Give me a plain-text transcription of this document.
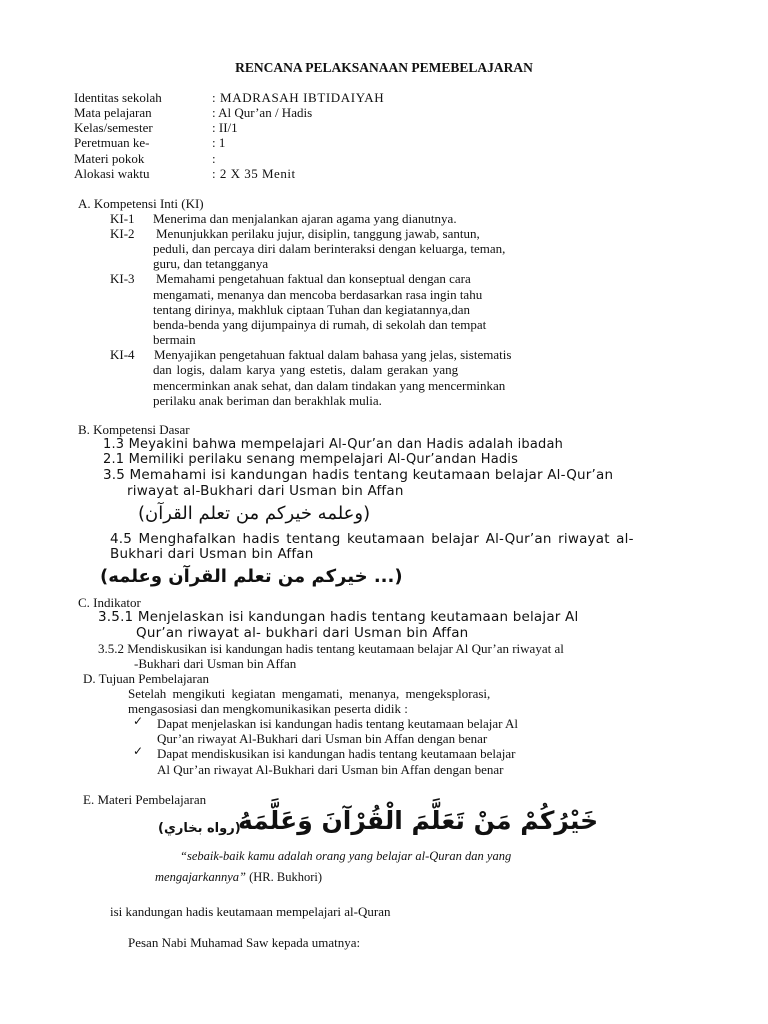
RENCANA PELAKSANAAN PEMEBELAJARAN
Identitas sekolah	: MADRASAH IBTIDAIYAH
Mata pelajaran	: Al Qur’an / Hadis
Kelas/semester	: II/1
Peretmuan ke-	: 1
Materi pokok	:
Alokasi waktu	: 2 X 35 Menit
A. Kompetensi Inti (KI)
KI-1 Menerima dan menjalankan ajaran agama yang dianutnya.
KI-2 Menunjukkan perilaku jujur, disiplin, tanggung jawab, santun,
peduli, dan percaya diri dalam berinteraksi dengan keluarga, teman,
guru, dan tetangganya
KI-3 Memahami pengetahuan faktual dan konseptual dengan cara
mengamati, menanya dan mencoba berdasarkan rasa ingin tahu
tentang dirinya, makhluk ciptaan Tuhan dan kegiatannya,dan
benda-benda yang dijumpainya di rumah, di sekolah dan tempat
bermain
KI-4 Menyajikan pengetahuan faktual dalam bahasa yang jelas, sistematis
dan logis, dalam karya yang estetis, dalam gerakan yang
mencerminkan anak sehat, dan dalam tindakan yang mencerminkan
perilaku anak beriman dan berakhlak mulia.
B. Kompetensi Dasar
1.3 Meyakini bahwa mempelajari Al-Qur’an dan Hadis adalah ibadah
2.1 Memiliki perilaku senang mempelajari Al-Qur’andan Hadis
3.5 Memahami isi kandungan hadis tentang keutamaan belajar Al-Qur’an
riwayat al-Bukhari dari Usman bin Affan
(وعلمه خيركم من تعلم القرآن)
4.5 Menghafalkan hadis tentang keutamaan belajar Al-Qur’an riwayat al-
Bukhari dari Usman bin Affan
(... خيركم من تعلم القرآن وعلمه)
C. Indikator
3.5.1 Menjelaskan isi kandungan hadis tentang keutamaan belajar Al
Qur’an riwayat al- bukhari dari Usman bin Affan
3.5.2 Mendiskusikan isi kandungan hadis tentang keutamaan belajar Al Qur’an riwayat al
-Bukhari dari Usman bin Affan
D. Tujuan Pembelajaran
Setelah mengikuti kegiatan mengamati, menanya, mengeksplorasi,
mengasosiasi dan mengkomunikasikan peserta didik :
✓ Dapat menjelaskan isi kandungan hadis tentang keutamaan belajar Al
Qur’an riwayat Al-Bukhari dari Usman bin Affan dengan benar
✓ Dapat mendiskusikan isi kandungan hadis tentang keutamaan belajar
Al Qur’an riwayat Al-Bukhari dari Usman bin Affan dengan benar
E. Materi Pembelajaran
خَيْرُكُمْ مَنْ تَعَلَّمَ الْقُرْآنَ وَعَلَّمَهُ
(رواه بخاري)
“sebaik-baik kamu adalah orang yang belajar al-Quran dan yang
mengajarkannya” (HR. Bukhori)
isi kandungan hadis keutamaan mempelajari al-Quran
Pesan Nabi Muhamad Saw kepada umatnya:
